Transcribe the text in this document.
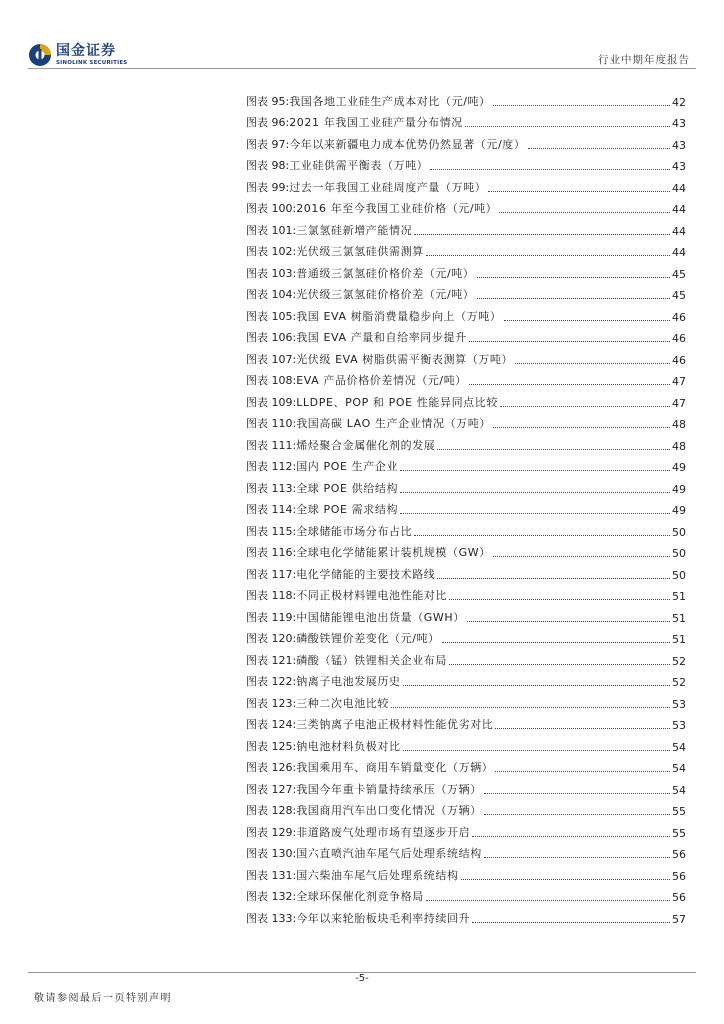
国金证券
SINOLINK SECURITIES	行业中期年度报告
图表 95: 我国各地工业硅生产成本对比（元/吨）	42
图表 96: 2021 年我国工业硅产量分布情况	43
图表 97: 今年以来新疆电力成本优势仍然显著（元/度）	43
图表 98: 工业硅供需平衡表（万吨）	43
图表 99: 过去一年我国工业硅周度产量（万吨）	44
图表 100: 2016 年至今我国工业硅价格（元/吨）	44
图表 101: 三氯氢硅新增产能情况	44
图表 102: 光伏级三氯氢硅供需测算	44
图表 103: 普通级三氯氢硅价格价差（元/吨）	45
图表 104: 光伏级三氯氢硅价格价差（元/吨）	45
图表 105: 我国 EVA 树脂消费量稳步向上（万吨）	46
图表 106: 我国 EVA 产量和自给率同步提升	46
图表 107: 光伏级 EVA 树脂供需平衡表测算（万吨）	46
图表 108: EVA 产品价格价差情况（元/吨）	47
图表 109: LLDPE、POP 和 POE 性能异同点比较	47
图表 110: 我国高碳 LAO 生产企业情况（万吨）	48
图表 111: 烯烃聚合金属催化剂的发展	48
图表 112: 国内 POE 生产企业	49
图表 113: 全球 POE 供给结构	49
图表 114: 全球 POE 需求结构	49
图表 115: 全球储能市场分布占比	50
图表 116: 全球电化学储能累计装机规模（GW）	50
图表 117: 电化学储能的主要技术路线	50
图表 118: 不同正极材料锂电池性能对比	51
图表 119: 中国储能锂电池出货量（GWH）	51
图表 120: 磷酸铁锂价差变化（元/吨）	51
图表 121: 磷酸（锰）铁锂相关企业布局	52
图表 122: 钠离子电池发展历史	52
图表 123: 三种二次电池比较	53
图表 124: 三类钠离子电池正极材料性能优劣对比	53
图表 125: 钠电池材料负极对比	54
图表 126: 我国乘用车、商用车销量变化（万辆）	54
图表 127: 我国今年重卡销量持续承压（万辆）	54
图表 128: 我国商用汽车出口变化情况（万辆）	55
图表 129: 非道路废气处理市场有望逐步开启	55
图表 130: 国六直喷汽油车尾气后处理系统结构	56
图表 131: 国六柴油车尾气后处理系统结构	56
图表 132: 全球环保催化剂竞争格局	56
图表 133: 今年以来轮胎板块毛利率持续回升	57
-5-
敬请参阅最后一页特别声明
